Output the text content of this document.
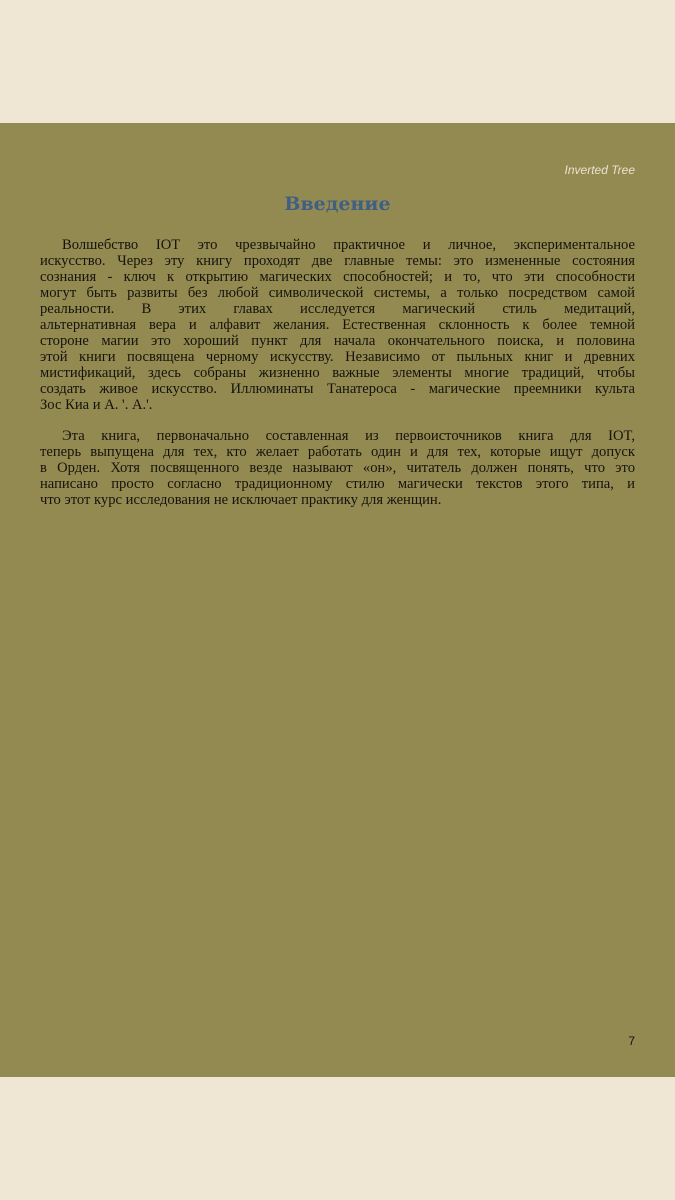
Inverted Tree
Введение
Волшебство IOT это чрезвычайно практичное и личное, экспериментальное
искусство. Через эту книгу проходят две главные темы: это измененные состояния
сознания - ключ к открытию магических способностей; и то, что эти способности
могут быть развиты без любой символической системы, а только посредством самой
реальности. В этих главах исследуется магический стиль медитаций,
альтернативная вера и алфавит желания. Естественная склонность к более темной
стороне магии это хороший пункт для начала окончательного поиска, и половина
этой книги посвящена черному искусству. Независимо от пыльных книг и древних
мистификаций, здесь собраны жизненно важные элементы многие традиций, чтобы
создать живое искусство. Иллюминаты Танатероса - магические преемники культа
Зос Киа и А. '. А.'.
Эта книга, первоначально составленная из первоисточников книга для IOT,
теперь выпущена для тех, кто желает работать один и для тех, которые ищут допуск
в Орден. Хотя посвященного везде называют «он», читатель должен понять, что это
написано просто согласно традиционному стилю магически текстов этого типа, и
что этот курс исследования не исключает практику для женщин.
7
